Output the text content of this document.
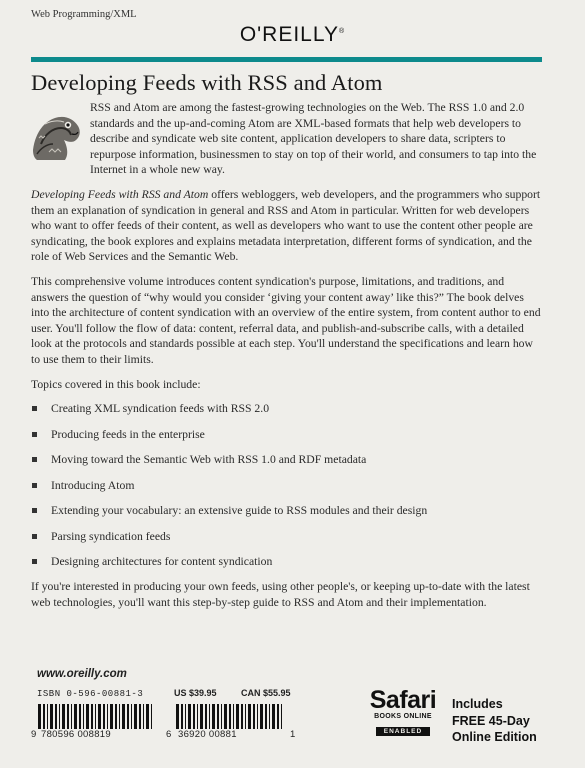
Web Programming/XML
O'REILLY®
Developing Feeds with RSS and Atom

RSS and Atom are among the fastest-growing technologies on the Web. The RSS 1.0 and 2.0 standards and the up-and-coming Atom are XML-based formats that help web developers to describe and syndicate web site content, application developers to share data, scripters to repurpose information, businessmen to stay on top of their world, and consumers to tap into the Internet in a whole new way.

Developing Feeds with RSS and Atom offers webloggers, web developers, and the programmers who support them an explanation of syndication in general and RSS and Atom in particular. Written for web developers who want to offer feeds of their content, as well as developers who want to use the content other people are syndicating, the book explores and explains metadata interpretation, different forms of syndication, and the role of Web Services and the Semantic Web.

This comprehensive volume introduces content syndication's purpose, limitations, and traditions, and answers the question of “why would you consider ‘giving your content away’ like this?” The book delves into the architecture of content syndication with an overview of the entire system, from content author to end user. You'll follow the flow of data: content, referral data, and publish-and-subscribe calls, with a detailed look at the protocols and standards possible at each step. You'll understand the specifications and learn how to use them to their limits.

Topics covered in this book include:

Creating XML syndication feeds with RSS 2.0
Producing feeds in the enterprise
Moving toward the Semantic Web with RSS 1.0 and RDF metadata
Introducing Atom
Extending your vocabulary: an extensive guide to RSS modules and their design
Parsing syndication feeds
Designing architectures for content syndication

If you're interested in producing your own feeds, using other people's, or keeping up-to-date with the latest web technologies, you'll want this step-by-step guide to RSS and Atom and their implementation.

www.oreilly.com
ISBN 0-596-00881-3	US $39.95	CAN $55.95
9 780596 008819	6 36920 00881	1
Safari
BOOKS ONLINE
ENABLED
Includes
FREE 45-Day
Online Edition
